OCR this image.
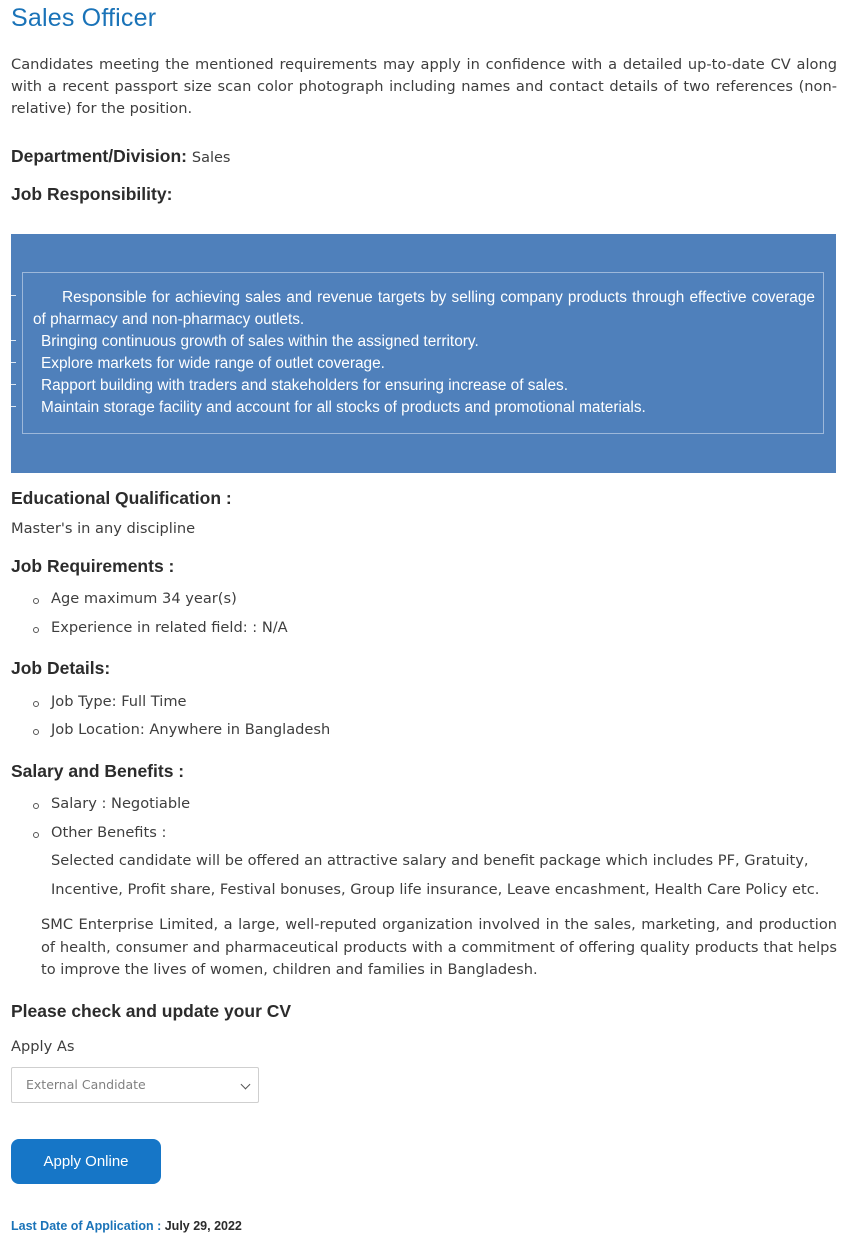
Sales Officer

Candidates meeting the mentioned requirements may apply in confidence with a detailed up-to-date CV along with a recent passport size scan color photograph including names and contact details of two references (non-relative) for the position.

Department/Division: Sales
Job Responsibility:
Responsible for achieving sales and revenue targets by selling company products through effective coverage of pharmacy and non-pharmacy outlets.
Bringing continuous growth of sales within the assigned territory.
Explore markets for wide range of outlet coverage.
Rapport building with traders and stakeholders for ensuring increase of sales.
Maintain storage facility and account for all stocks of products and promotional materials.
Educational Qualification :

Master's in any discipline

Job Requirements :

Age maximum 34 year(s)

Experience in related field: : N/A

Job Details:

Job Type: Full Time

Job Location: Anywhere in Bangladesh

Salary and Benefits :

Salary : Negotiable

Other Benefits :

Selected candidate will be offered an attractive salary and benefit package which includes PF, Gratuity, Incentive, Profit share, Festival bonuses, Group life insurance, Leave encashment, Health Care Policy etc.

SMC Enterprise Limited, a large, well-reputed organization involved in the sales, marketing, and production of health, consumer and pharmaceutical products with a commitment of offering quality products that helps to improve the lives of women, children and families in Bangladesh.

Please check and update your CV

Apply As

External Candidate
Apply Online

Last Date of Application : July 29, 2022
